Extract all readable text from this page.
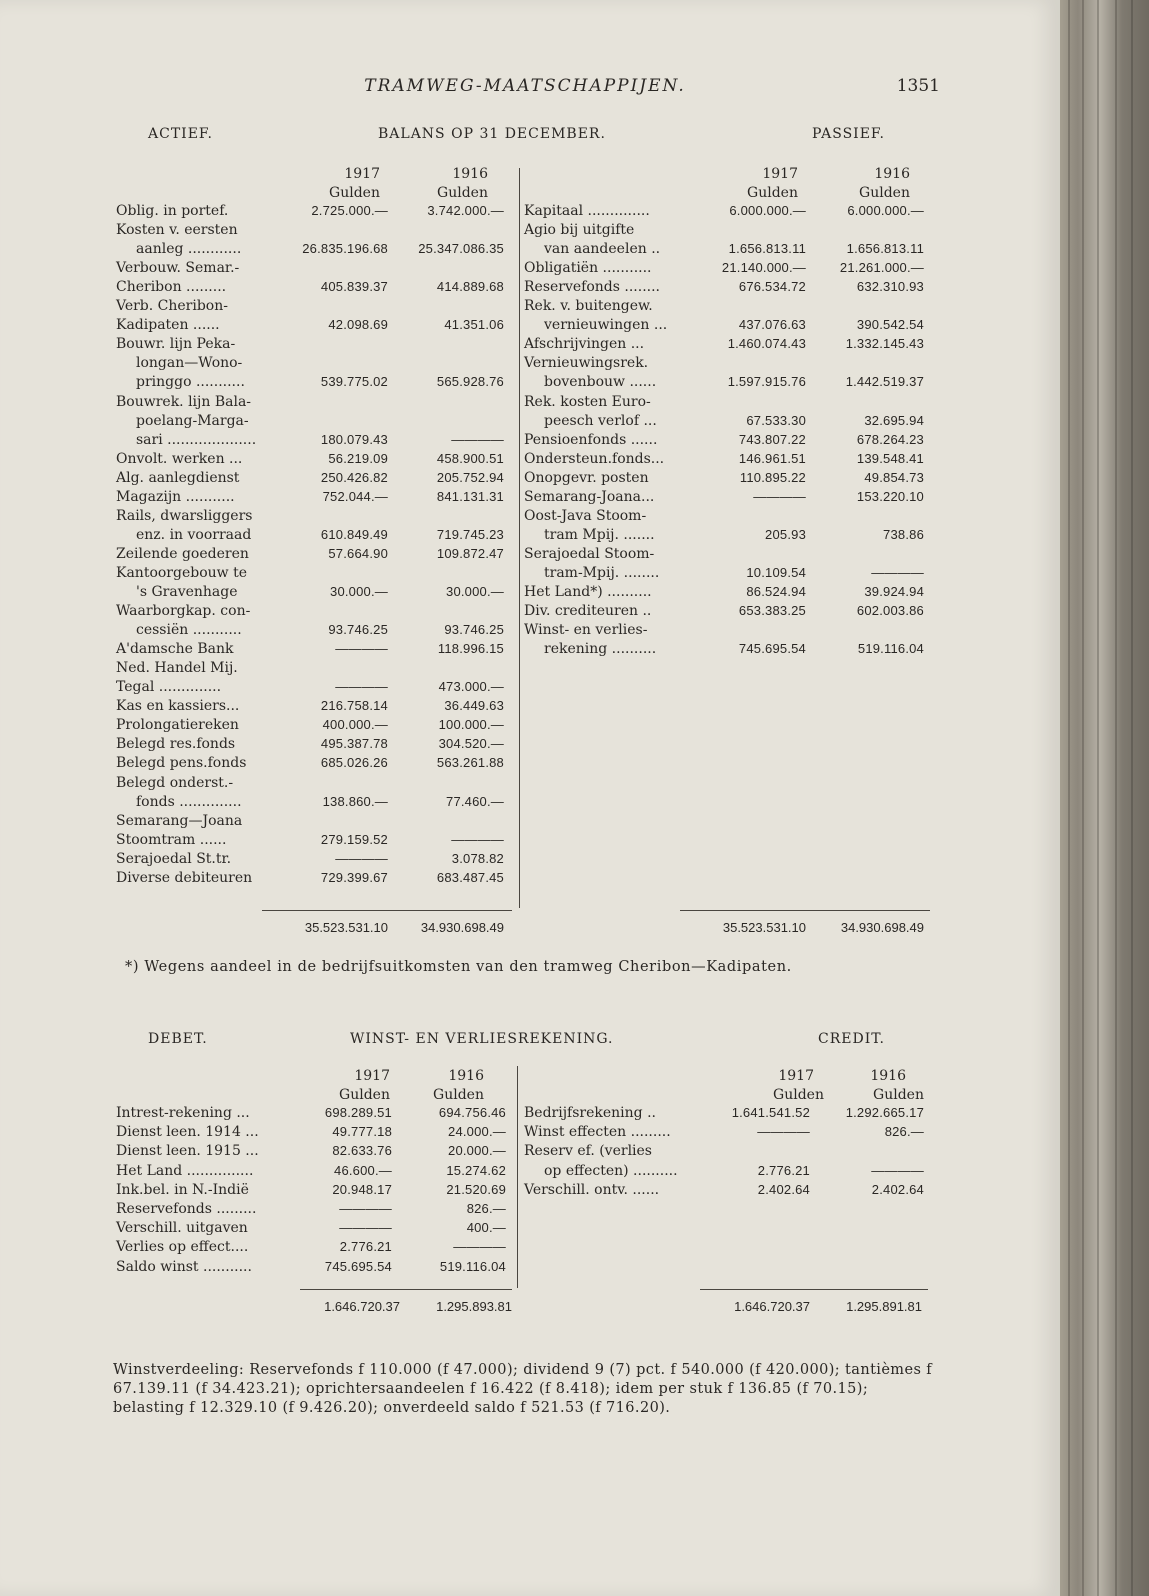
TRAMWEG-MAATSCHAPPIJEN.	1351
ACTIEF.	BALANS OP 31 DECEMBER.	PASSIEF.
1917	1916
Gulden	Gulden
1917	1916
Gulden	Gulden
Oblig. in portef.	2.725.000.—	3.742.000.—
Kosten v. eersten
aanleg ............	26.835.196.68	25.347.086.35
Verbouw. Semar.-
Cheribon .........	405.839.37	414.889.68
Verb. Cheribon-
Kadipaten ......	42.098.69	41.351.06
Bouwr. lijn Peka-
longan—Wono-
pringgo ...........	539.775.02	565.928.76
Bouwrek. lijn Bala-
poelang-Marga-
sari ....................	180.079.43	————
Onvolt. werken ...	56.219.09	458.900.51
Alg. aanlegdienst	250.426.82	205.752.94
Magazijn ...........	752.044.—	841.131.31
Rails, dwarsliggers
enz. in voorraad	610.849.49	719.745.23
Zeilende goederen	57.664.90	109.872.47
Kantoorgebouw te
's Gravenhage	30.000.—	30.000.—
Waarborgkap. con-
cessiën ...........	93.746.25	93.746.25
A'damsche Bank	————	118.996.15
Ned. Handel Mij.
Tegal ..............	————	473.000.—
Kas en kassiers...	216.758.14	36.449.63
Prolongatiereken	400.000.—	100.000.—
Belegd res.fonds	495.387.78	304.520.—
Belegd pens.fonds	685.026.26	563.261.88
Belegd onderst.-
fonds ..............	138.860.—	77.460.—
Semarang—Joana
Stoomtram ......	279.159.52	————
Serajoedal St.tr.	————	3.078.82
Diverse debiteuren	729.399.67	683.487.45
Kapitaal ..............	6.000.000.—	6.000.000.—
Agio bij uitgifte
van aandeelen ..	1.656.813.11	1.656.813.11
Obligatiën ...........	21.140.000.—	21.261.000.—
Reservefonds ........	676.534.72	632.310.93
Rek. v. buitengew.
vernieuwingen ...	437.076.63	390.542.54
Afschrijvingen ...	1.460.074.43	1.332.145.43
Vernieuwingsrek.
bovenbouw ......	1.597.915.76	1.442.519.37
Rek. kosten Euro-
peesch verlof ...	67.533.30	32.695.94
Pensioenfonds ......	743.807.22	678.264.23
Ondersteun.fonds...	146.961.51	139.548.41
Onopgevr. posten	110.895.22	49.854.73
Semarang-Joana...	————	153.220.10
Oost-Java Stoom-
tram Mpij. .......	205.93	738.86
Serajoedal Stoom-
tram-Mpij. ........	10.109.54	————
Het Land*) ..........	86.524.94	39.924.94
Div. crediteuren ..	653.383.25	602.003.86
Winst- en verlies-
rekening ..........	745.695.54	519.116.04
35.523.531.10	34.930.698.49	35.523.531.10	34.930.698.49
*) Wegens aandeel in de bedrijfsuitkomsten van den tramweg Cheribon—Kadipaten.
DEBET.	WINST- EN VERLIESREKENING.	CREDIT.
1917	1916
Gulden	Gulden
1917	1916
Gulden	Gulden
Intrest-rekening ...	698.289.51	694.756.46
Dienst leen. 1914 ...	49.777.18	24.000.—
Dienst leen. 1915 ...	82.633.76	20.000.—
Het Land ...............	46.600.—	15.274.62
Ink.bel. in N.-Indië	20.948.17	21.520.69
Reservefonds .........	————	826.—
Verschill. uitgaven	————	400.—
Verlies op effect....	2.776.21	————
Saldo winst ...........	745.695.54	519.116.04
Bedrijfsrekening ..	1.641.541.52	1.292.665.17
Winst effecten .........	————	826.—
Reserv ef. (verlies
op effecten) ..........	2.776.21	————
Verschill. ontv. ......	2.402.64	2.402.64
1.646.720.37	1.295.893.81	1.646.720.37	1.295.891.81
Winstverdeeling: Reservefonds f 110.000 (f 47.000); dividend 9 (7) pct. f 540.000 (f 420.000); tantièmes f 67.139.11 (f 34.423.21); oprichtersaandeelen f 16.422 (f 8.418); idem per stuk f 136.85 (f 70.15); belasting f 12.329.10 (f 9.426.20); onverdeeld saldo f 521.53 (f 716.20).
